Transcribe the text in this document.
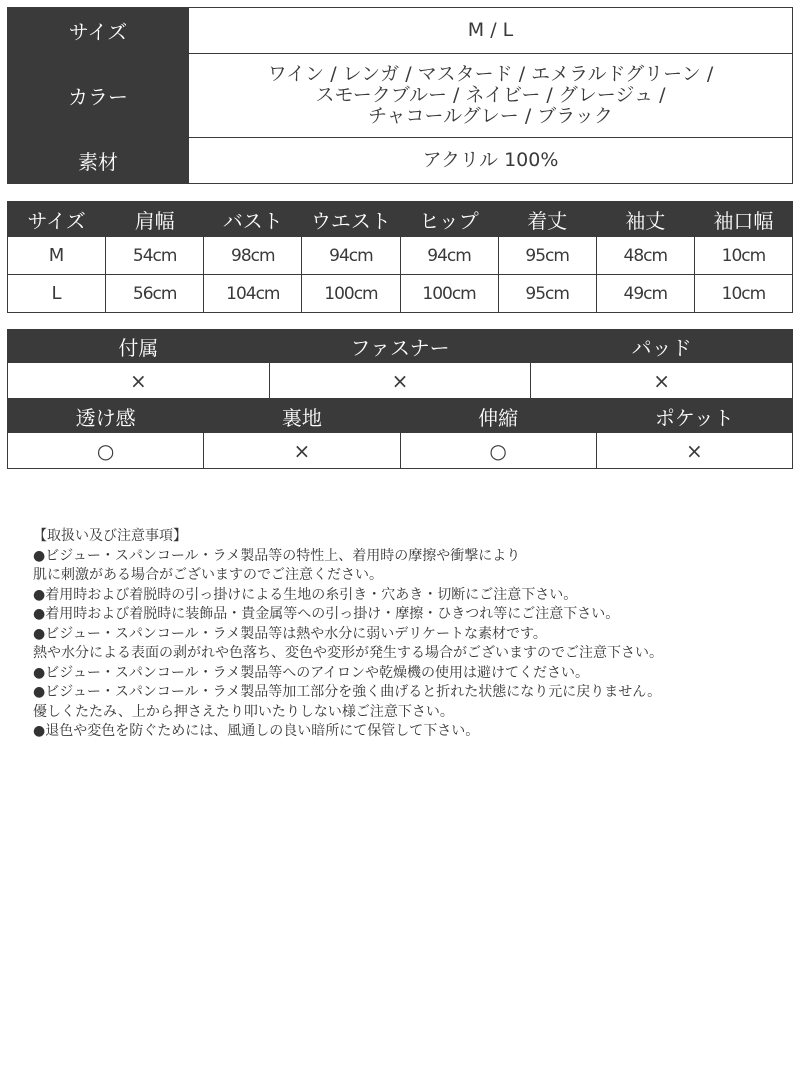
サイズ	M / L
カラー	ワイン / レンガ / マスタード / エメラルドグリーン /
スモークブルー / ネイビー / グレージュ /
チャコールグレー / ブラック

素材	アクリル 100%
サイズ	肩幅	バスト	ウエスト	ヒップ	着丈	袖丈	袖口幅
M	54cm	98cm	94cm	94cm	95cm	48cm	10cm
L	56cm	104cm	100cm	100cm	95cm	49cm	10cm
付属	ファスナー	パッド
×	×	×
透け感	裏地	伸縮	ポケット
○	×	○	×
【取扱い及び注意事項】
●ビジュー・スパンコール・ラメ製品等の特性上、着用時の摩擦や衝撃により
肌に刺激がある場合がございますのでご注意ください。
●着用時および着脱時の引っ掛けによる生地の糸引き・穴あき・切断にご注意下さい。
●着用時および着脱時に装飾品・貴金属等への引っ掛け・摩擦・ひきつれ等にご注意下さい。
●ビジュー・スパンコール・ラメ製品等は熱や水分に弱いデリケートな素材です。
熱や水分による表面の剥がれや色落ち、変色や変形が発生する場合がございますのでご注意下さい。
●ビジュー・スパンコール・ラメ製品等へのアイロンや乾燥機の使用は避けてください。
●ビジュー・スパンコール・ラメ製品等加工部分を強く曲げると折れた状態になり元に戻りません。
優しくたたみ、上から押さえたり叩いたりしない様ご注意下さい。
●退色や変色を防ぐためには、風通しの良い暗所にて保管して下さい。
